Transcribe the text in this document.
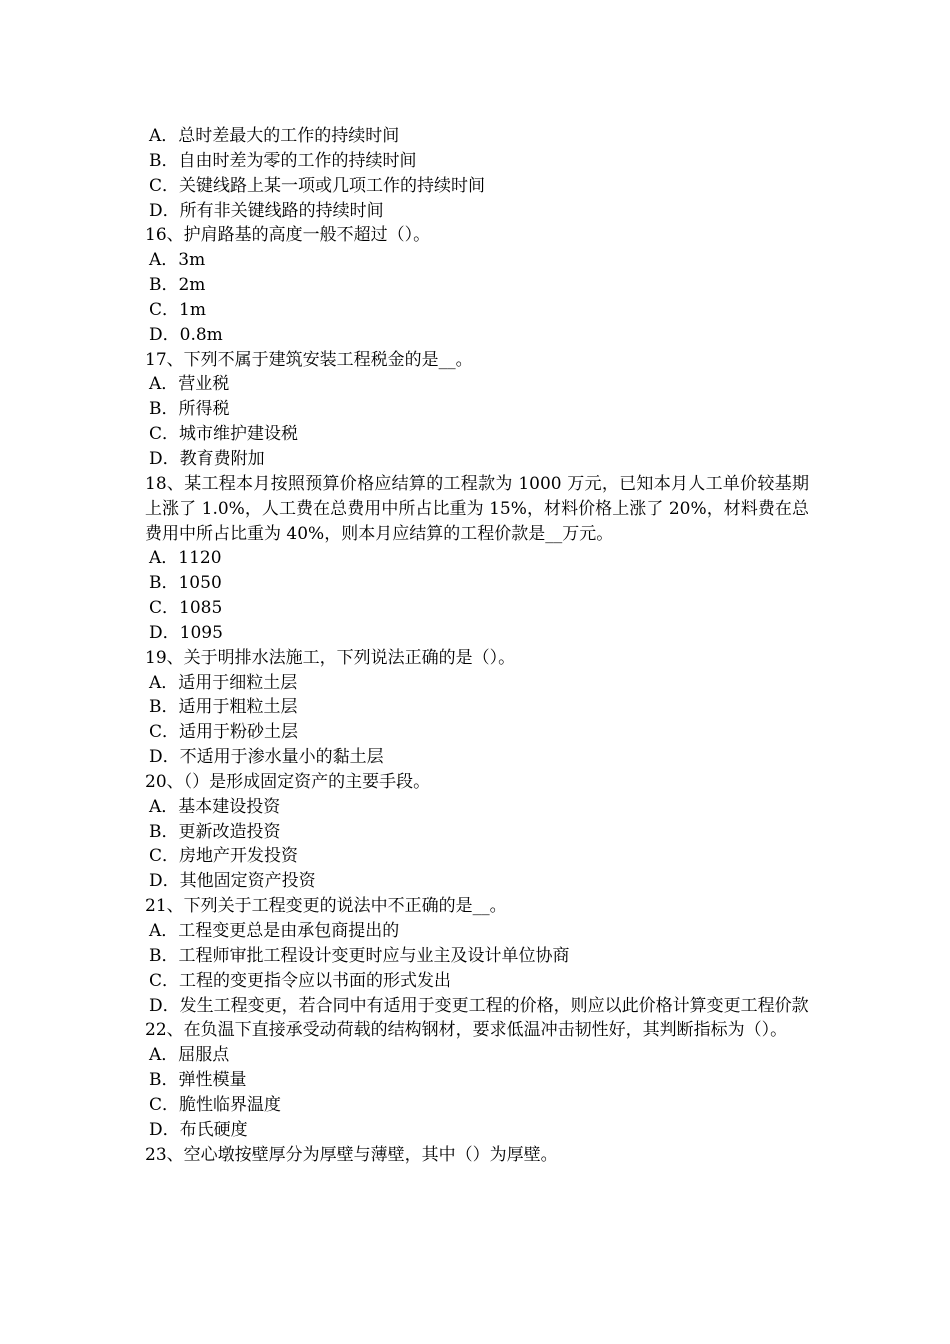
A．总时差最大的工作的持续时间
B．自由时差为零的工作的持续时间
C．关键线路上某一项或几项工作的持续时间
D．所有非关键线路的持续时间
16、护肩路基的高度一般不超过（）。
A．3m
B．2m
C．1m
D．0.8m
17、下列不属于建筑安装工程税金的是__。
A．营业税
B．所得税
C．城市维护建设税
D．教育费附加
18、某工程本月按照预算价格应结算的工程款为 1000 万元，已知本月人工单价较基期上涨了 1.0%，人工费在总费用中所占比重为 15%，材料价格上涨了 20%，材料费在总费用中所占比重为 40%，则本月应结算的工程价款是__万元。
A．1120
B．1050
C．1085
D．1095
19、关于明排水法施工，下列说法正确的是（）。
A．适用于细粒土层
B．适用于粗粒土层
C．适用于粉砂土层
D．不适用于渗水量小的黏土层
20、（）是形成固定资产的主要手段。
A．基本建设投资
B．更新改造投资
C．房地产开发投资
D．其他固定资产投资
21、下列关于工程变更的说法中不正确的是__。
A．工程变更总是由承包商提出的
B．工程师审批工程设计变更时应与业主及设计单位协商
C．工程的变更指令应以书面的形式发出
D．发生工程变更，若合同中有适用于变更工程的价格，则应以此价格计算变更工程价款
22、在负温下直接承受动荷载的结构钢材，要求低温冲击韧性好，其判断指标为（）。
A．屈服点
B．弹性模量
C．脆性临界温度
D．布氏硬度
23、空心墩按壁厚分为厚壁与薄壁，其中（）为厚壁。
